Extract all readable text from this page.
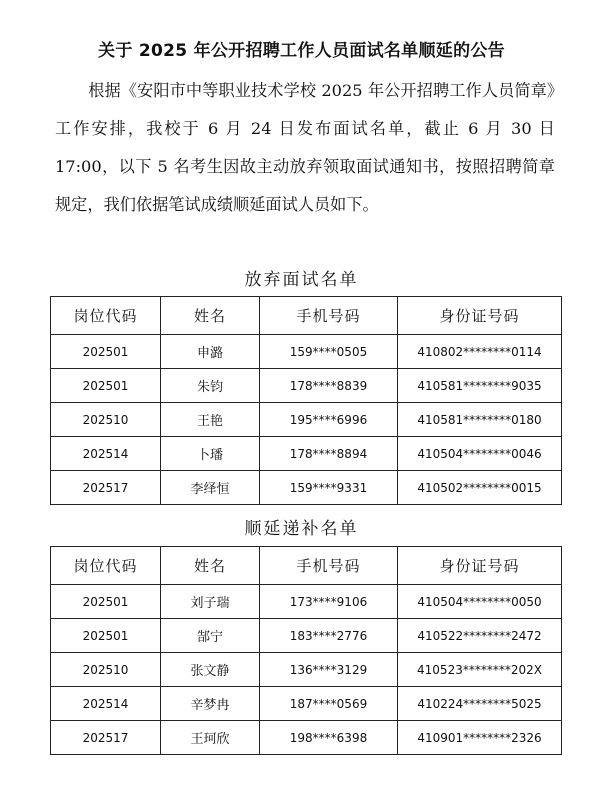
关于 2025 年公开招聘工作人员面试名单顺延的公告
根据《安阳市中等职业技术学校 2025 年公开招聘工作人员简章》工作安排，我校于 6 月 24 日发布面试名单，截止 6 月 30 日 17:00，以下 5 名考生因故主动放弃领取面试通知书，按照招聘简章规定，我们依据笔试成绩顺延面试人员如下。
放弃面试名单
岗位代码	姓名	手机号码	身份证号码
202501	申潞	159****0505	410802********0114
202501	朱钧	178****8839	410581********9035
202510	王艳	195****6996	410581********0180
202514	卜璠	178****8894	410504********0046
202517	李绎恒	159****9331	410502********0015
顺延递补名单
岗位代码	姓名	手机号码	身份证号码
202501	刘子瑞	173****9106	410504********0050
202501	郜宁	183****2776	410522********2472
202510	张文静	136****3129	410523********202X
202514	辛梦冉	187****0569	410224********5025
202517	王珂欣	198****6398	410901********2326
